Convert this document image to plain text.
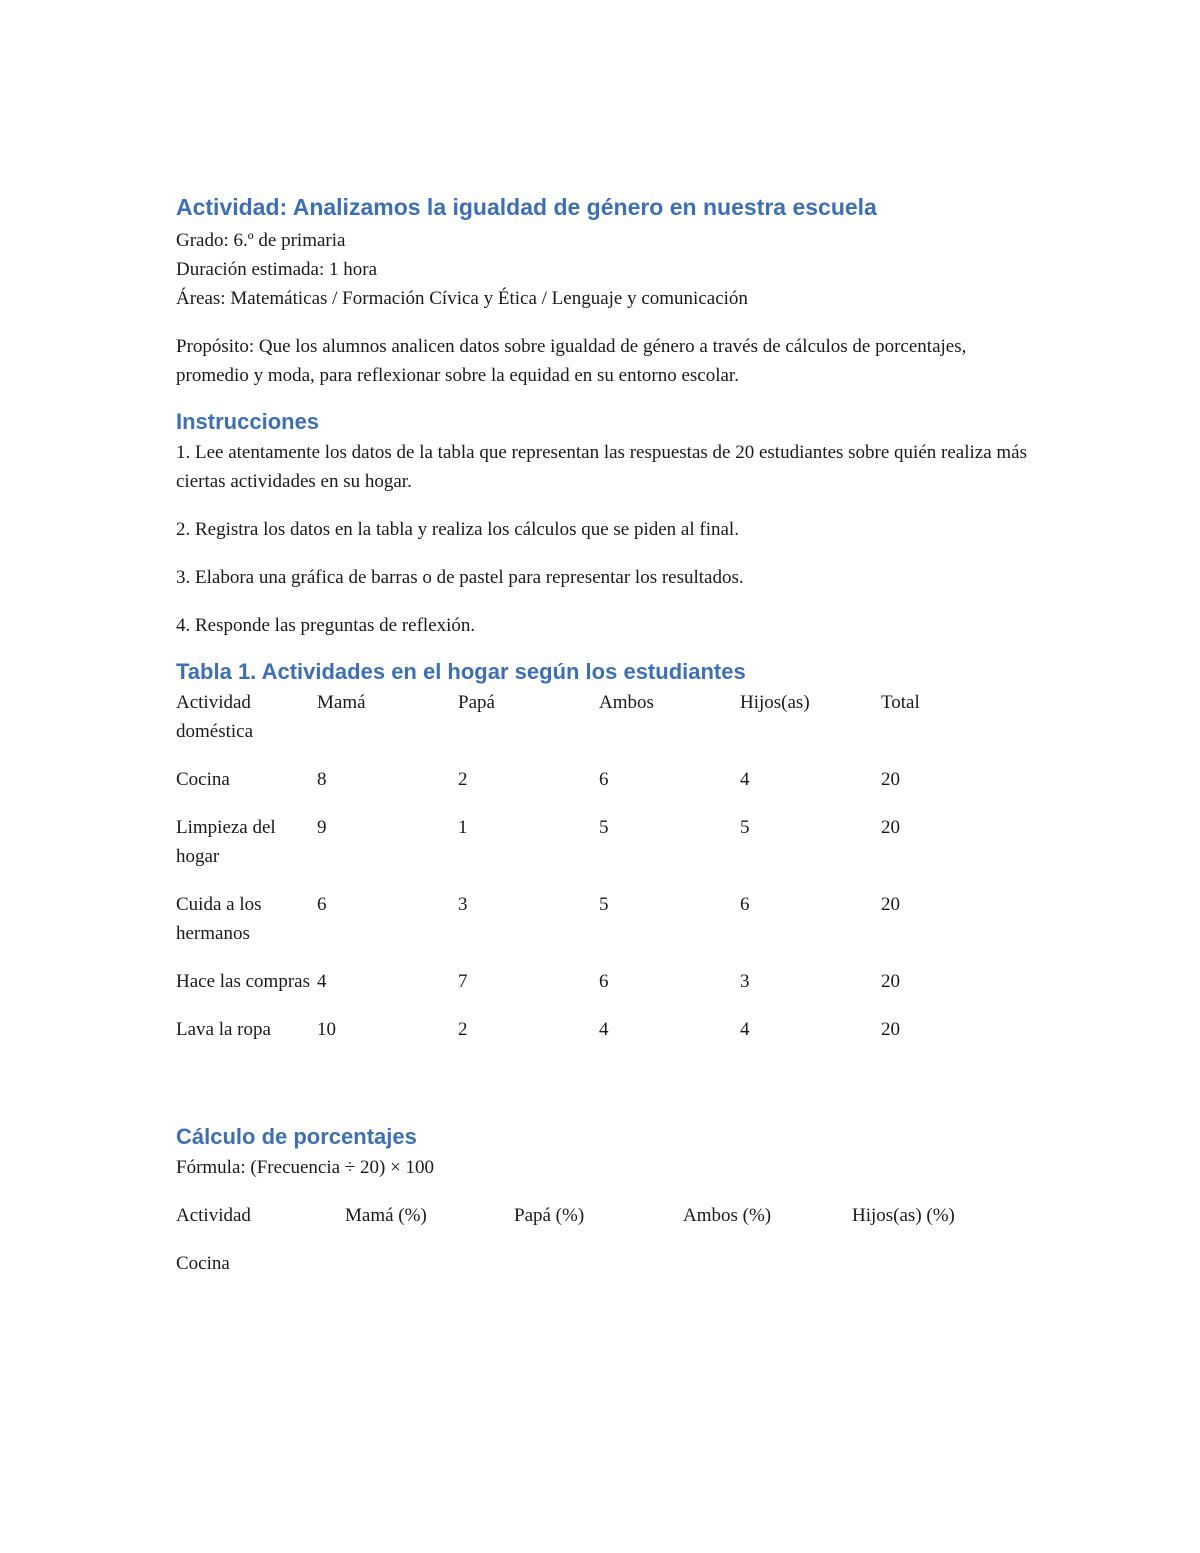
Actividad: Analizamos la igualdad de género en nuestra escuela

Grado: 6.º de primaria

Duración estimada: 1 hora

Áreas: Matemáticas / Formación Cívica y Ética / Lenguaje y comunicación

Propósito: Que los alumnos analicen datos sobre igualdad de género a través de cálculos de porcentajes, promedio y moda, para reflexionar sobre la equidad en su entorno escolar.

Instrucciones

1. Lee atentamente los datos de la tabla que representan las respuestas de 20 estudiantes sobre quién realiza más ciertas actividades en su hogar.

2. Registra los datos en la tabla y realiza los cálculos que se piden al final.

3. Elabora una gráfica de barras o de pastel para representar los resultados.

4. Responde las preguntas de reflexión.

Tabla 1. Actividades en el hogar según los estudiantes
Actividad doméstica	Mamá	Papá	Ambos	Hijos(as)	Total
Cocina	8	2	6	4	20
Limpieza del hogar	9	1	5	5	20
Cuida a los hermanos	6	3	5	6	20
Hace las compras	4	7	6	3	20
Lava la ropa	10	2	4	4	20
Cálculo de porcentajes

Fórmula: (Frecuencia ÷ 20) × 100

Actividad	Mamá (%)	Papá (%)	Ambos (%)	Hijos(as) (%)
Cocina				
